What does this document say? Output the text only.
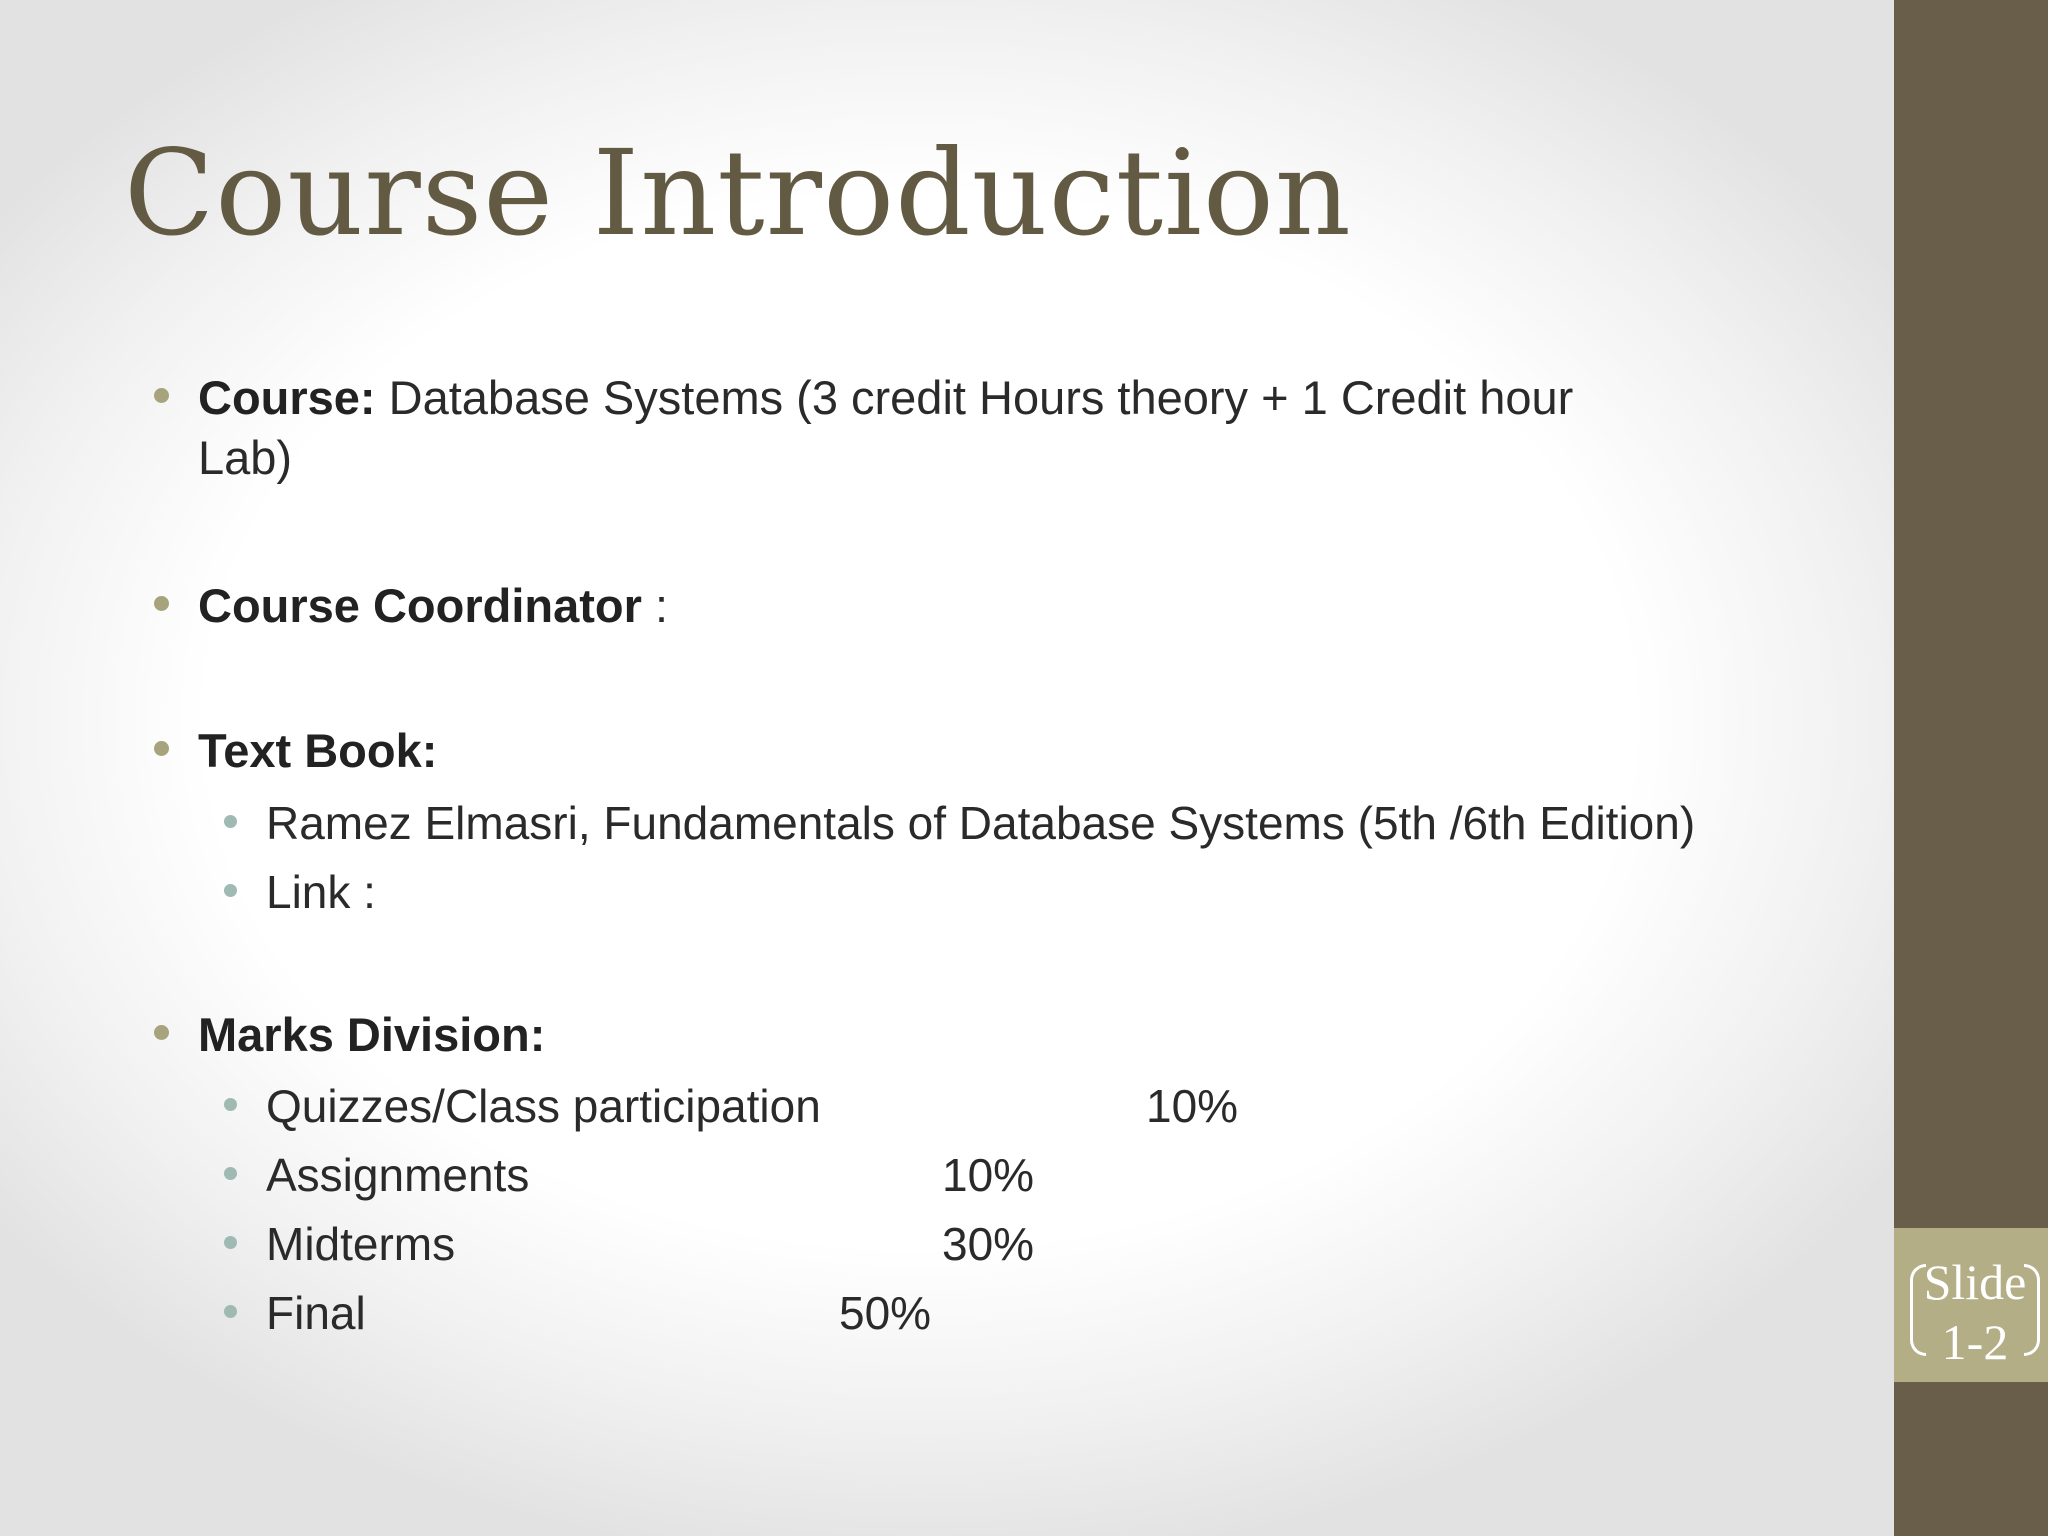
Course Introduction
Course: Database Systems (3 credit Hours theory + 1 Credit hour
Lab)
Course Coordinator :
Text Book:
Ramez Elmasri, Fundamentals of Database Systems (5th /6th Edition)
Link :
Marks Division:
Quizzes/Class participation	10%
Assignments	10%
Midterms	30%
Final	50%
Slide
1-2
